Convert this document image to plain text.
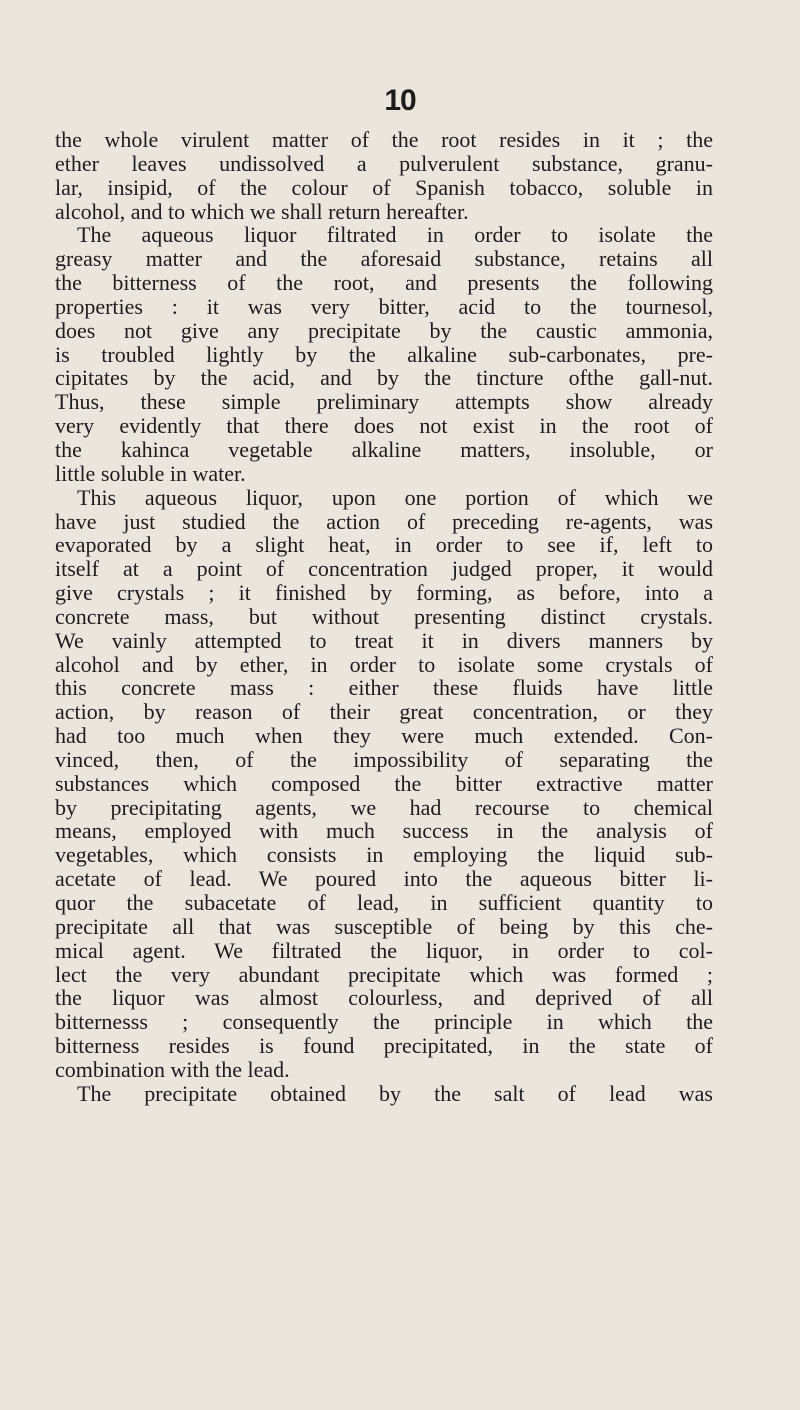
10
the whole virulent matter of the root resides in it ; the
ether leaves undissolved a pulverulent substance, granu-
lar, insipid, of the colour of Spanish tobacco, soluble in
alcohol, and to which we shall return hereafter.
The aqueous liquor filtrated in order to isolate the
greasy matter and the aforesaid substance, retains all
the bitterness of the root, and presents the following
properties : it was very bitter, acid to the tournesol,
does not give any precipitate by the caustic ammonia,
is troubled lightly by the alkaline sub-carbonates, pre-
cipitates by the acid, and by the tincture ofthe gall-nut.
Thus, these simple preliminary attempts show already
very evidently that there does not exist in the root of
the kahinca vegetable alkaline matters, insoluble, or
little soluble in water.
This aqueous liquor, upon one portion of which we
have just studied the action of preceding re-agents, was
evaporated by a slight heat, in order to see if, left to
itself at a point of concentration judged proper, it would
give crystals ; it finished by forming, as before, into a
concrete mass, but without presenting distinct crystals.
We vainly attempted to treat it in divers manners by
alcohol and by ether, in order to isolate some crystals of
this concrete mass : either these fluids have little
action, by reason of their great concentration, or they
had too much when they were much extended. Con-
vinced, then, of the impossibility of separating the
substances which composed the bitter extractive matter
by precipitating agents, we had recourse to chemical
means, employed with much success in the analysis of
vegetables, which consists in employing the liquid sub-
acetate of lead. We poured into the aqueous bitter li-
quor the subacetate of lead, in sufficient quantity to
precipitate all that was susceptible of being by this che-
mical agent. We filtrated the liquor, in order to col-
lect the very abundant precipitate which was formed ;
the liquor was almost colourless, and deprived of all
bitternesss ; consequently the principle in which the
bitterness resides is found precipitated, in the state of
combination with the lead.
The precipitate obtained by the salt of lead was
